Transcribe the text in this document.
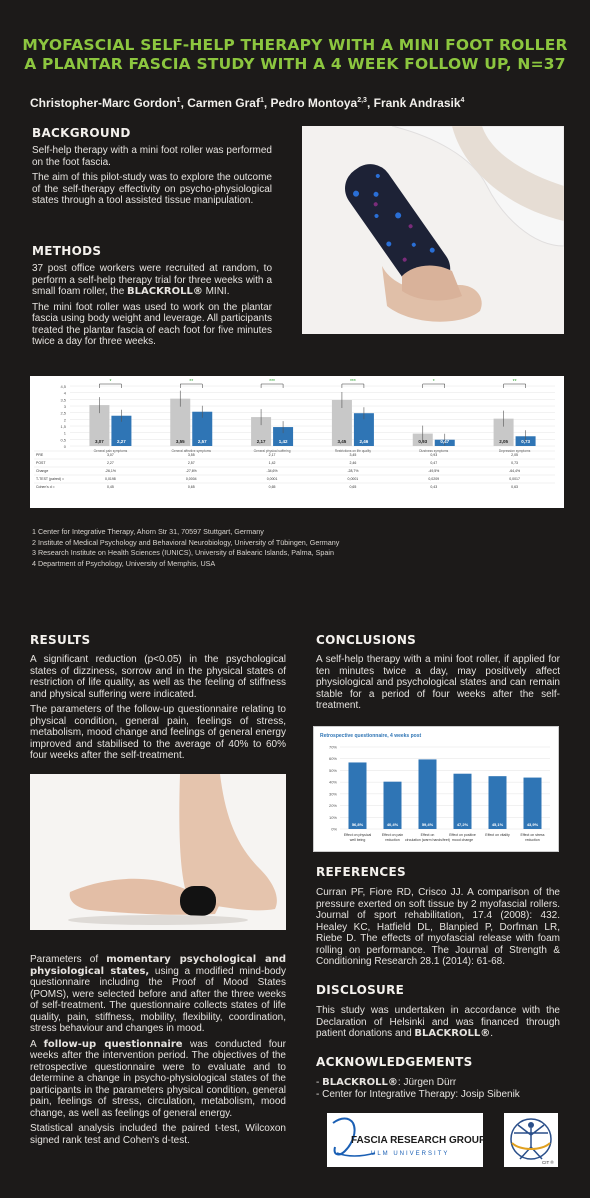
MYOFASCIAL SELF-HELP THERAPY WITH A MINI FOOT ROLLER
A PLANTAR FASCIA STUDY WITH A 4 WEEK FOLLOW UP, N=37
Christopher-Marc Gordon$^1$, Carmen Graf$^1$, Pedro Montoya$^{2,3}$, Frank Andrasik$^4$
BACKGROUND

Self-help therapy with a mini foot roller was performed on the foot fascia.

The aim of this pilot-study was to explore the outcome of the self-therapy effectivity on psycho-physiological states through a tool assisted tissue manipulation.

METHODS

37 post office workers were recruited at random, to perform a self-help therapy trial for three weeks with a small foam roller, the BLACKROLL® MINI.

The mini foot roller was used to work on the plantar fascia using body weight and leverage. All participants treated the plantar fascia of each foot for five minutes twice a day for three weeks.

4,5
4
3,5
3
2,5
2
1,5
1
0,5
0
3,07	2,27
*
General pain symptoms
3,55	2,57
**
General affective symptoms
2,17	1,42
***
General physical suffering
3,45	2,46
***
Restrictions on life quality
0,93	0,47
*
Dizziness symptoms
2,05	0,73
**
Depression symptoms
PRE	3,07	3,55	2,17	3,45	0,93	2,05
POST	2,27	2,57	1,42	2,46	0,47	0,73
Change	-26,1%	-27,6%	-34,6%	-28,7%	-49,5%	-64,4%
T-TEST (paired) =	0,0198	0,0004	0,0001	0,0001	0,0209	0,0017
Cohen's d =	0,45	0,65	0,65	0,65	0,43	0,63
1 Center for Integrative Therapy, Ahorn Str 31, 70597 Stuttgart, Germany
2 Institute of Medical Psychology and Behavioral Neurobiology, University of Tübingen, Germany
3 Research Institute on Health Sciences (IUNICS), University of Balearic Islands, Palma, Spain
4 Department of Psychology, University of Memphis, USA
RESULTS

A significant reduction (p<0.05) in the psychological states of dizziness, sorrow and in the physical states of restriction of life quality, as well as the feeling of stiffness and physical suffering were indicated.

The parameters of the follow-up questionnaire relating to physical condition, general pain, feelings of stress, metabolism, mood change and feelings of general energy improved and stabilised to the average of 40% to 60% four weeks after the self-treatment.

Parameters of momentary psychological and physiological states, using a modified mind-body questionnaire including the Proof of Mood States (POMS), were selected before and after the three weeks of self-treatment. The questionnaire collects states of life quality, pain, stiffness, mobility, flexibility, coordination, stress behaviour and changes in mood.

A follow-up questionnaire was conducted four weeks after the intervention period. The objectives of the retrospective questionnaire were to evaluate and to determine a change in psycho-physiological states of the participants in the parameters physical condition, general pain, feelings of stress, circulation, metabolism, mood change, as well as feelings of general energy.

Statistical analysis included the paired t-test, Wilcoxon signed rank test and Cohen's d-test.

CONCLUSIONS

A self-help therapy with a mini foot roller, if applied for ten minutes twice a day, may positively affect physiological and psychological states and can remain stable for a period of four weeks after the self-treatment.

Retrospective questionnaire, 4 weeks post
70%
60%
50%
40%
30%
20%
10%
0%
56,8%
Effect on physical
well being
40,4%
Effect on pain
reduction
59,4%
Effect on
circulation (warm hands/feet)
47,2%
Effect on positive
mood change
45,1%
Effect on vitality
43,9%
Effect on stress
reduction
REFERENCES

Curran PF, Fiore RD, Crisco JJ. A comparison of the pressure exerted on soft tissue by 2 myofascial rollers. Journal of sport rehabilitation, 17.4 (2008): 432. Healey KC, Hatfield DL, Blanpied P, Dorfman LR, Riebe D. The effects of myofascial release with foam rolling on performance. The Journal of Strength & Conditioning Research 28.1 (2014): 61-68.

DISCLOSURE

This study was undertaken in accordance with the Declaration of Helsinki and was financed through patient donations and BLACKROLL®.

ACKNOWLEDGEMENTS
- BLACKROLL®: Jürgen Dürr
- Center for Integrative Therapy: Josip Sibenik
FASCIA RESEARCH GROUP
ULM UNIVERSITY
CIT ®
